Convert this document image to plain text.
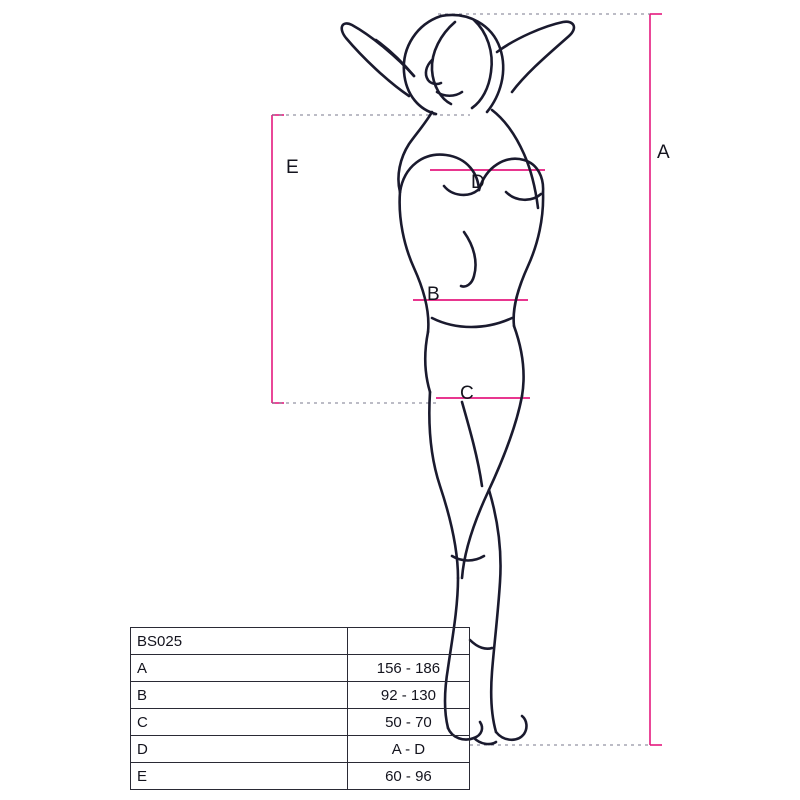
A
E
D
B
C
BS025	
A	156 - 186
B	92 - 130
C	50 - 70
D	A - D
E	60 - 96
